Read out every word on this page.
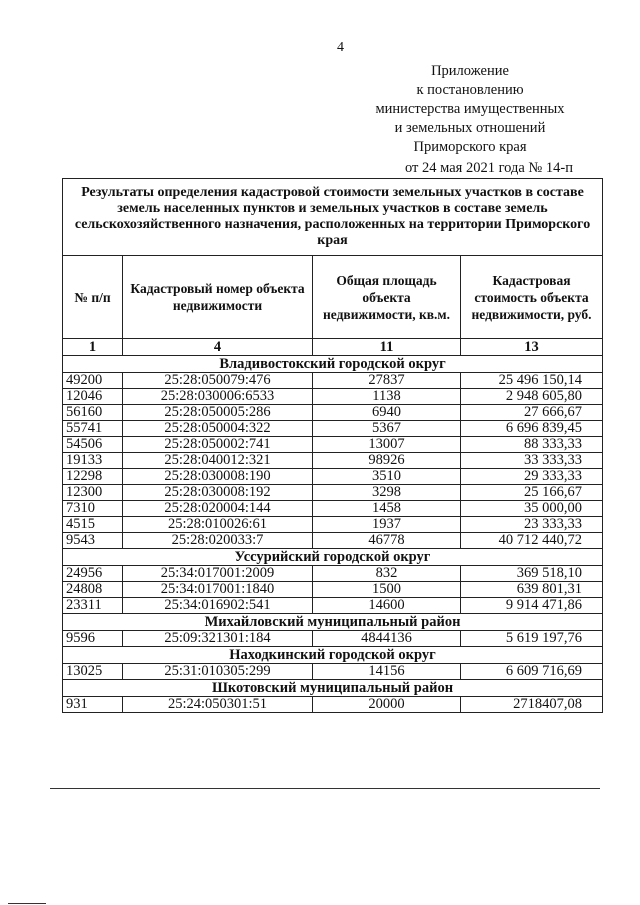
4
Приложение
к постановлению
министерства имущественных
и земельных отношений
Приморского края
от 24 мая 2021 года № 14-п
Результаты определения кадастровой стоимости земельных участков в составе земель населенных пунктов и земельных участков в составе земель сельскохозяйственного назначения, расположенных на территории Приморского края			
№ п/п	Кадастровый номер объекта недвижимости	Общая площадь объекта недвижимости, кв.м.	Кадастровая стоимость объекта недвижимости, руб.
1	4	11	13
Владивостокский городской округ			
49200	25:28:050079:476	27837	25 496 150,14
12046	25:28:030006:6533	1138	2 948 605,80
56160	25:28:050005:286	6940	27 666,67
55741	25:28:050004:322	5367	6 696 839,45
54506	25:28:050002:741	13007	88 333,33
19133	25:28:040012:321	98926	33 333,33
12298	25:28:030008:190	3510	29 333,33
12300	25:28:030008:192	3298	25 166,67
7310	25:28:020004:144	1458	35 000,00
4515	25:28:010026:61	1937	23 333,33
9543	25:28:020033:7	46778	40 712 440,72
Уссурийский городской округ			
24956	25:34:017001:2009	832	369 518,10
24808	25:34:017001:1840	1500	639 801,31
23311	25:34:016902:541	14600	9 914 471,86
Михайловский муниципальный район			
9596	25:09:321301:184	4844136	5 619 197,76
Находкинский городской округ			
13025	25:31:010305:299	14156	6 609 716,69
Шкотовский муниципальный район			
931	25:24:050301:51	20000	2718407,08
